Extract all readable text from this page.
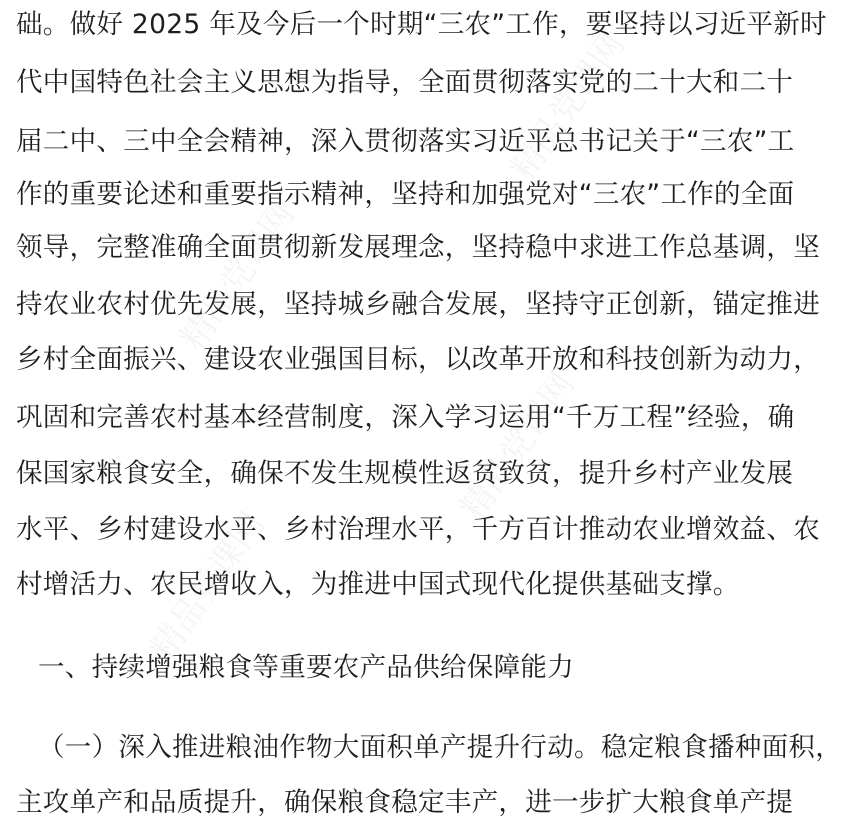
础。做好 2025 年及今后一个时期“三农”工作，要坚持以习近平新时
代中国特色社会主义思想为指导，全面贯彻落实党的二十大和二十
届二中、三中全会精神，深入贯彻落实习近平总书记关于“三农”工
作的重要论述和重要指示精神，坚持和加强党对“三农”工作的全面
领导，完整准确全面贯彻新发展理念，坚持稳中求进工作总基调，坚
持农业农村优先发展，坚持城乡融合发展，坚持守正创新，锚定推进
乡村全面振兴、建设农业强国目标，以改革开放和科技创新为动力，
巩固和完善农村基本经营制度，深入学习运用“千万工程”经验，确
保国家粮食安全，确保不发生规模性返贫致贫，提升乡村产业发展
水平、乡村建设水平、乡村治理水平，千方百计推动农业增效益、农
村增活力、农民增收入，为推进中国式现代化提供基础支撑。
一、持续增强粮食等重要农产品供给保障能力
（一）深入推进粮油作物大面积单产提升行动。稳定粮食播种面积，
主攻单产和品质提升，确保粮食稳定丰产，进一步扩大粮食单产提
